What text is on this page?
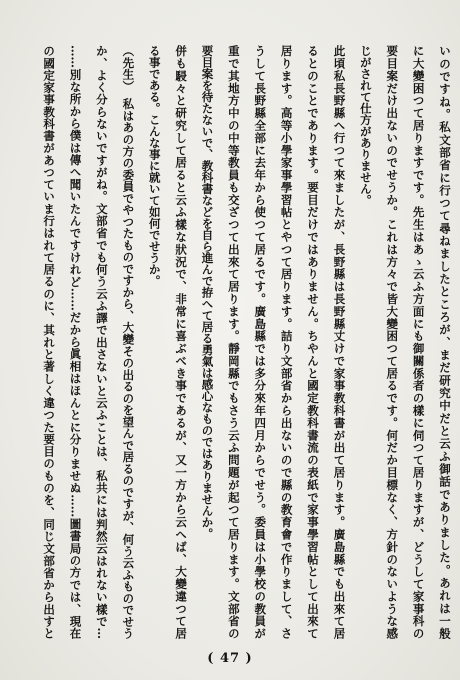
いのですね。私文部省に行つて尋ねましたところが、まだ研究中だと云ふ御話でありました。あれは一般

に大變困つて居りますです。先生はあゝ云ふ方面にも御關係者の樣に伺つて居りますが、どうして家事科の

要目案だけ出ないのでせうか。これは方々で皆大變困つて居るです。何だか目標なく、方針のないような感

じがされて仕方がありません。

此頃私長野縣へ行つて來ましたが、長野縣は長野縣丈けで家事教科書が出て居ります。廣島縣でも出來て居

るとのことであります。要目だけではありません。ちやんと國定教科書流の表紙で家事學習帖として出來て

居ります。高等小學家事學習帖とやつて居ります。詰り文部省から出ないので縣の教育會で作りまして、さ

うして長野縣全部に去年から使つて居るです。廣島縣では多分來年四月からでせう。委員は小學校の教員が

重で其地方中の中等教員も交ざつて出來て居ります。靜岡縣でもさう云ふ問題が起つて居ります。文部省の

要目案を待たないで、教科書などを自ら進んで拵へて居る勇氣は感心なものではありませんか。

併も駸々と研究して居ると云ふ樣な狀況で、非常に喜ぶべき事であるが、又一方から云へば、大變違つて居

る事である。こんな事に就いて如何でせうか。

（先生）　私はあの方の委員でやつたものですから、大變その出るのを望んで居るのですが、何う云ふものでせう

か、よく分らないですがね。文部省でも何う云ふ譯で出さないと云ふことは、私共には判然云はれない樣で…

……別な所から僕は傳へ聞いたんですけれど……だから眞相はほんとに分りませぬ……圖書局の方では、現在

の國定家事教科書があつていま行はれて居るのに、其れと著しく違つた要目のものを、同じ文部省から出すと

( 47 )
